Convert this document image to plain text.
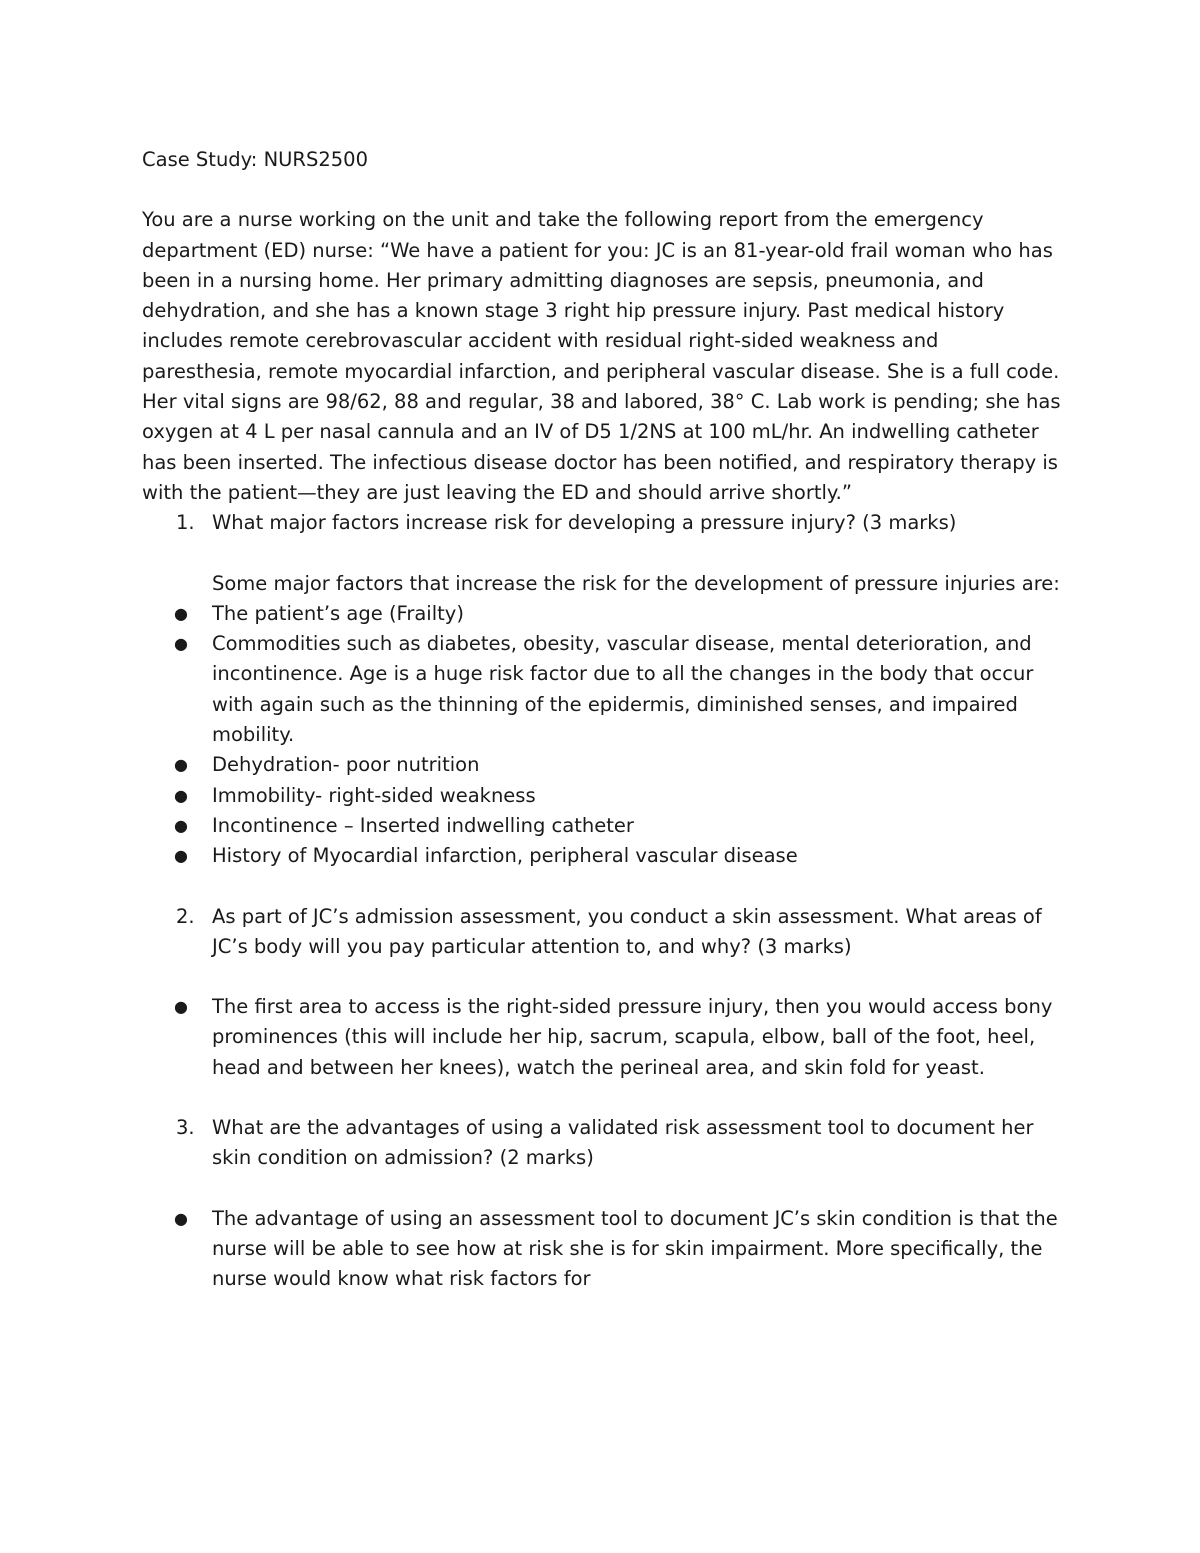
Case Study: NURS2500

You are a nurse working on the unit and take the following report from the emergency department (ED) nurse: “We have a patient for you: JC is an 81-year-old frail woman who has been in a nursing home. Her primary admitting diagnoses are sepsis, pneumonia, and dehydration, and she has a known stage 3 right hip pressure injury. Past medical history includes remote cerebrovascular accident with residual right-sided weakness and paresthesia, remote myocardial infarction, and peripheral vascular disease. She is a full code. Her vital signs are 98/62, 88 and regular, 38 and labored, 38° C. Lab work is pending; she has oxygen at 4 L per nasal cannula and an IV of D5 1/2NS at 100 mL/hr. An indwelling catheter has been inserted. The infectious disease doctor has been notified, and respiratory therapy is with the patient—they are just leaving the ED and should arrive shortly.”

1. What major factors increase risk for developing a pressure injury? (3 marks)

Some major factors that increase the risk for the development of pressure injuries are:

● The patient’s age (Frailty)
● Commodities such as diabetes, obesity, vascular disease, mental deterioration, and incontinence. Age is a huge risk factor due to all the changes in the body that occur with again such as the thinning of the epidermis, diminished senses, and impaired mobility.
● Dehydration- poor nutrition
● Immobility- right-sided weakness
● Incontinence – Inserted indwelling catheter
● History of Myocardial infarction, peripheral vascular disease
2. As part of JC’s admission assessment, you conduct a skin assessment. What areas of JC’s body will you pay particular attention to, and why? (3 marks)

● The first area to access is the right-sided pressure injury, then you would access bony prominences (this will include her hip, sacrum, scapula, elbow, ball of the foot, heel, head and between her knees), watch the perineal area, and skin fold for yeast.
3. What are the advantages of using a validated risk assessment tool to document her skin condition on admission? (2 marks)

● The advantage of using an assessment tool to document JC’s skin condition is that the nurse will be able to see how at risk she is for skin impairment. More specifically, the nurse would know what risk factors for
